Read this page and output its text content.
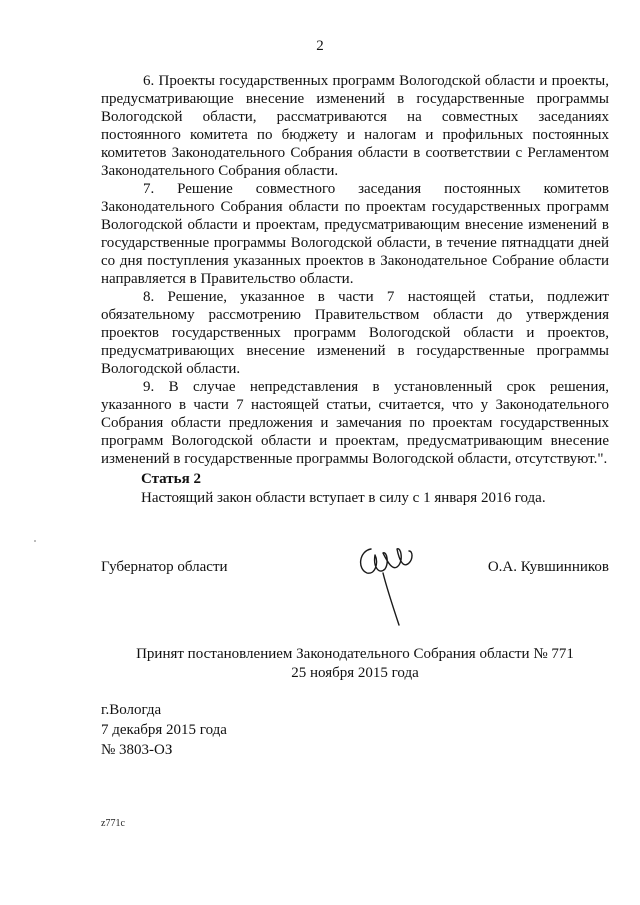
2

6. Проекты государственных программ Вологодской области и проекты, предусматривающие внесение изменений в государственные программы Вологодской области, рассматриваются на совместных заседаниях постоянного комитета по бюджету и налогам и профильных постоянных комитетов Законодательного Собрания области в соответствии с Регламентом Законодательного Собрания области.

7. Решение совместного заседания постоянных комитетов Законодательного Собрания области по проектам государственных программ Вологодской области и проектам, предусматривающим внесение изменений в государственные программы Вологодской области, в течение пятнадцати дней со дня поступления указанных проектов в Законодательное Собрание области направляется в Правительство области.

8. Решение, указанное в части 7 настоящей статьи, подлежит обязательному рассмотрению Правительством области до утверждения проектов государственных программ Вологодской области и проектов, предусматривающих внесение изменений в государственные программы Вологодской области.

9. В случае непредставления в установленный срок решения, указанного в части 7 настоящей статьи, считается, что у Законодательного Собрания области предложения и замечания по проектам государственных программ Вологодской области и проектам, предусматривающим внесение изменений в государственные программы Вологодской области, отсутствуют.".

Статья 2

Настоящий закон области вступает в силу с 1 января 2016 года.

Губернатор области	О.А. Кувшинников

Принят постановлением Законодательного Собрания области № 771

25 ноября 2015 года

г.Вологда

7 декабря 2015 года

№ 3803-ОЗ

z771c
